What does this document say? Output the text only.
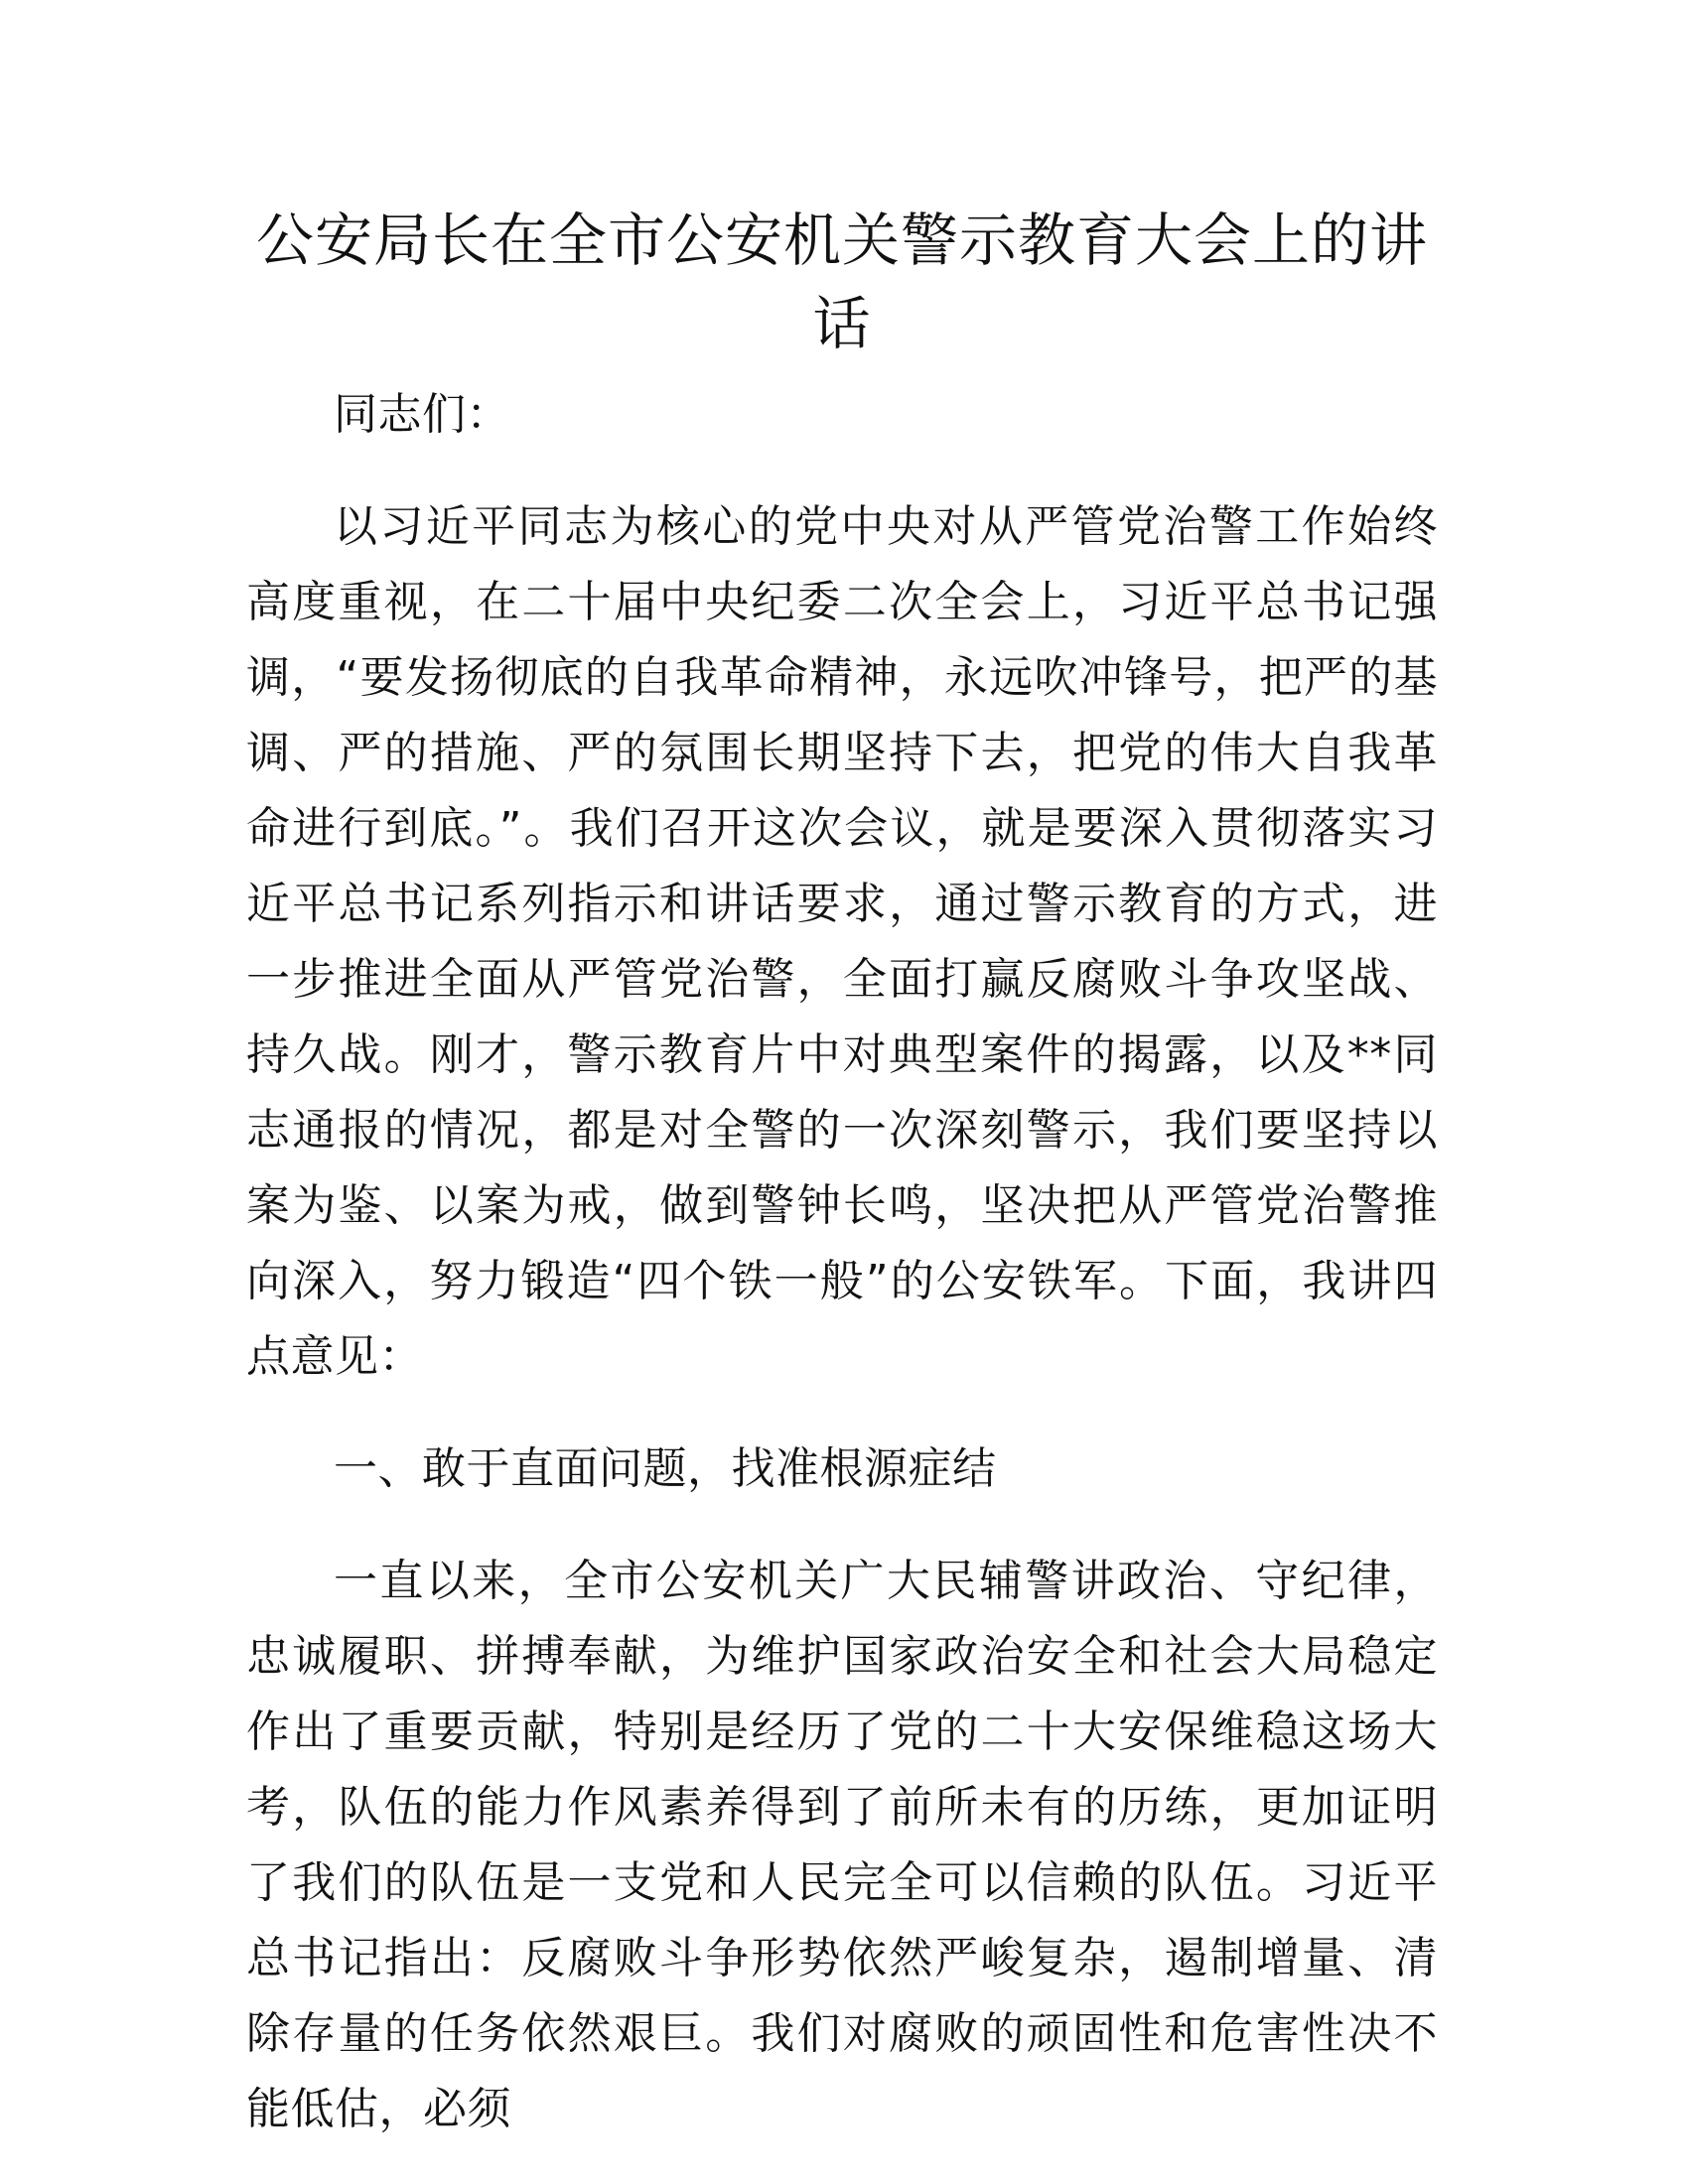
公安局长在全市公安机关警示教育大会上的讲话

同志们：

以习近平同志为核心的党中央对从严管党治警工作始终高度重视，在二十届中央纪委二次全会上，习近平总书记强调，“要发扬彻底的自我革命精神，永远吹冲锋号，把严的基调、严的措施、严的氛围长期坚持下去，把党的伟大自我革命进行到底。”。我们召开这次会议，就是要深入贯彻落实习近平总书记系列指示和讲话要求，通过警示教育的方式，进一步推进全面从严管党治警，全面打赢反腐败斗争攻坚战、持久战。刚才，警示教育片中对典型案件的揭露，以及**同志通报的情况，都是对全警的一次深刻警示，我们要坚持以案为鉴、以案为戒，做到警钟长鸣，坚决把从严管党治警推向深入，努力锻造“四个铁一般”的公安铁军。下面，我讲四点意见：

一、敢于直面问题，找准根源症结

一直以来，全市公安机关广大民辅警讲政治、守纪律，忠诚履职、拼搏奉献，为维护国家政治安全和社会大局稳定作出了重要贡献，特别是经历了党的二十大安保维稳这场大考，队伍的能力作风素养得到了前所未有的历练，更加证明了我们的队伍是一支党和人民完全可以信赖的队伍。习近平总书记指出：反腐败斗争形势依然严峻复杂，遏制增量、清除存量的任务依然艰巨。我们对腐败的顽固性和危害性决不能低估，必须
